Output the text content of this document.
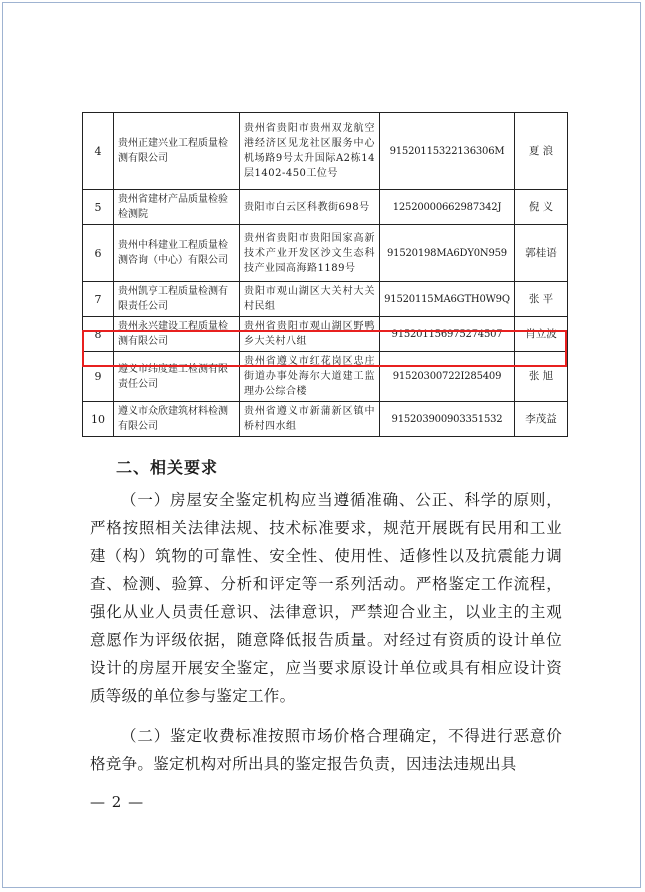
4	贵州正建兴业工程质量检测有限公司	贵州省贵阳市贵州双龙航空港经济区见龙社区服务中心机场路9号太升国际A2栋14层1402-450工位号	91520115322136306M	夏 浪
5	贵州省建材产品质量检验检测院	贵阳市白云区科教街698号	12520000662987342J	倪 义
6	贵州中科建业工程质量检测咨询（中心）有限公司	贵州省贵阳市贵阳国家高新技术产业开发区沙文生态科技产业园高海路1189号	91520198MA6DY0N959	郭桂语
7	贵州凯亨工程质量检测有限责任公司	贵阳市观山湖区大关村大关村民组	91520115MA6GTH0W9Q	张 平
8	贵州永兴建设工程质量检测有限公司	贵州省贵阳市观山湖区野鸭乡大关村八组	915201156975274507	肖立波
9	遵义市纬度建工检测有限责任公司	贵州省遵义市红花岗区忠庄街道办事处海尔大道建工监理办公综合楼	91520300722I285409	张 旭
10	遵义市众欣建筑材料检测有限公司	贵州省遵义市新蒲新区镇中桥村四水组	915203900903351532	李茂益
二、相关要求

（一）房屋安全鉴定机构应当遵循准确、公正、科学的原则，严格按照相关法律法规、技术标准要求，规范开展既有民用和工业建（构）筑物的可靠性、安全性、使用性、适修性以及抗震能力调查、检测、验算、分析和评定等一系列活动。严格鉴定工作流程，强化从业人员责任意识、法律意识，严禁迎合业主，以业主的主观意愿作为评级依据，随意降低报告质量。对经过有资质的设计单位设计的房屋开展安全鉴定，应当要求原设计单位或具有相应设计资质等级的单位参与鉴定工作。

（二）鉴定收费标准按照市场价格合理确定，不得进行恶意价格竞争。鉴定机构对所出具的鉴定报告负责，因违法违规出具

— 2 —
